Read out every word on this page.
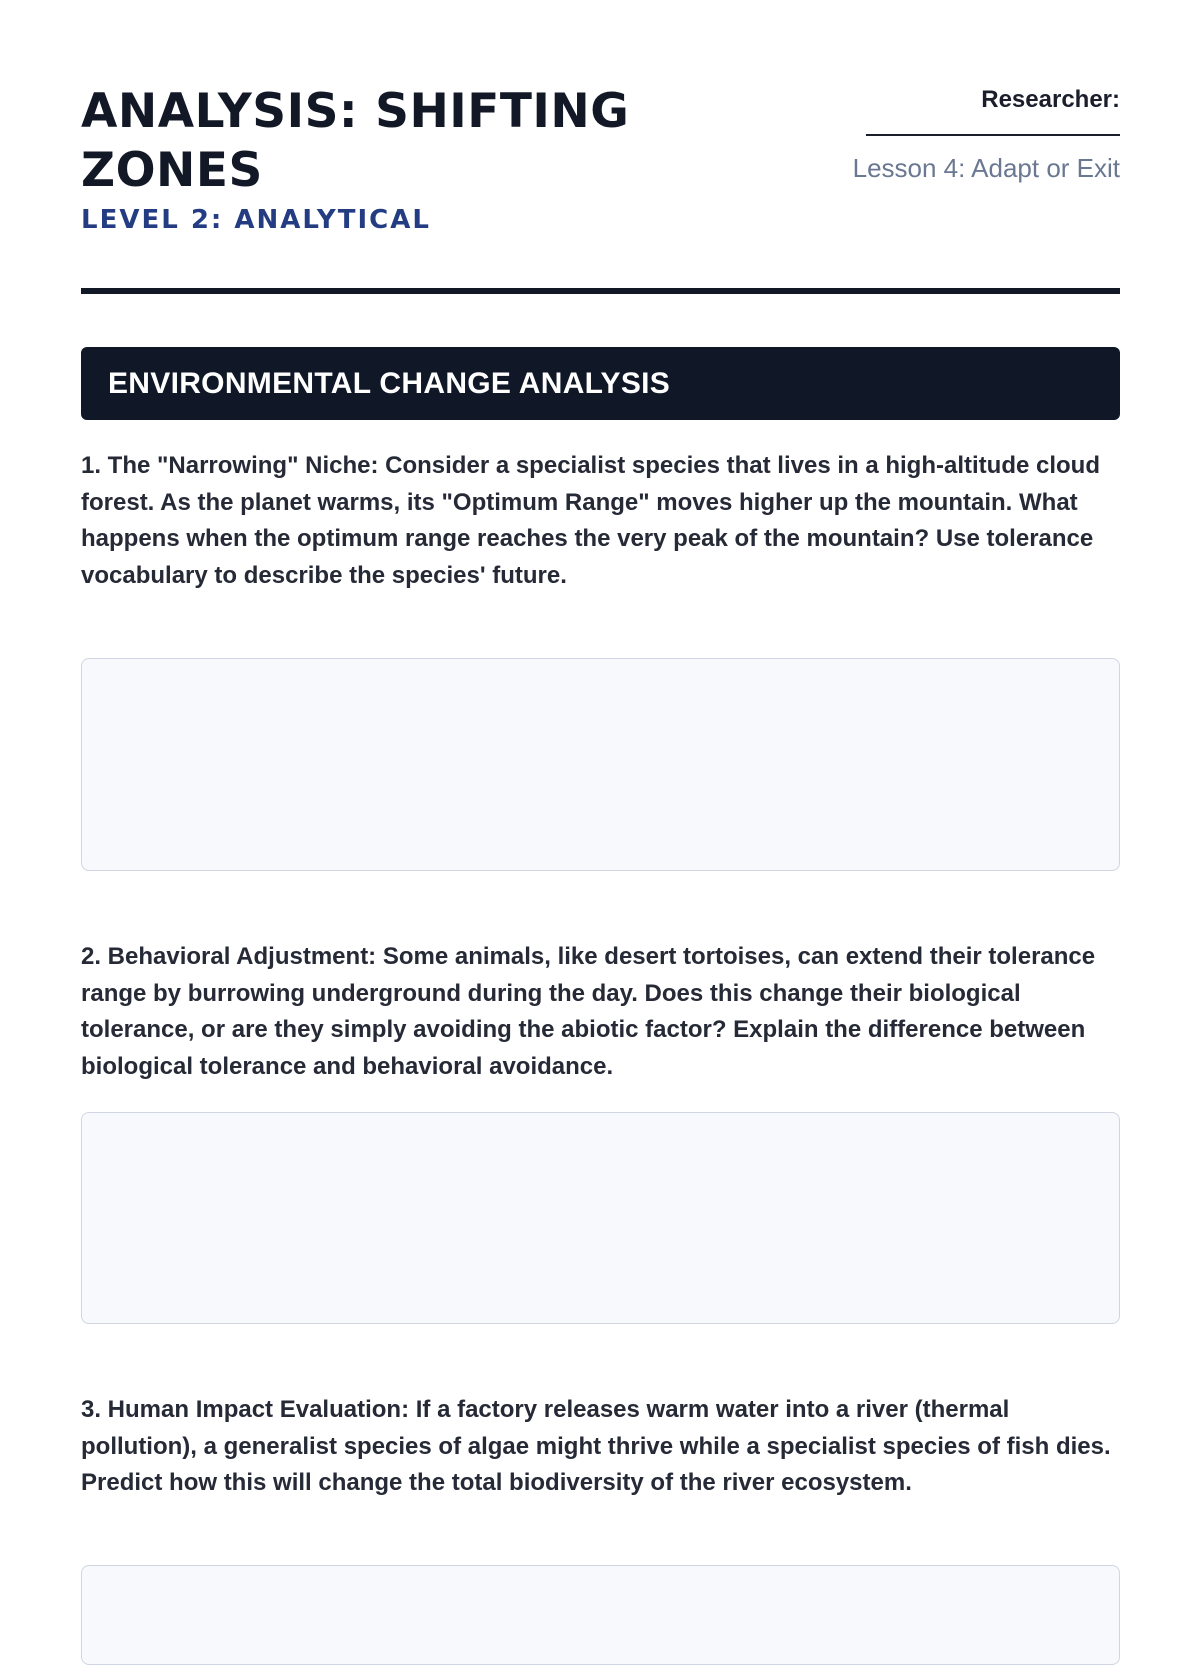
ANALYSIS: SHIFTING ZONES
LEVEL 2: ANALYTICAL
Researcher:
Lesson 4: Adapt or Exit
ENVIRONMENTAL CHANGE ANALYSIS
1. The "Narrowing" Niche: Consider a specialist species that lives in a high-altitude cloud forest. As the planet warms, its "Optimum Range" moves higher up the mountain. What happens when the optimum range reaches the very peak of the mountain? Use tolerance vocabulary to describe the species' future.
2. Behavioral Adjustment: Some animals, like desert tortoises, can extend their tolerance range by burrowing underground during the day. Does this change their biological tolerance, or are they simply avoiding the abiotic factor? Explain the difference between biological tolerance and behavioral avoidance.
3. Human Impact Evaluation: If a factory releases warm water into a river (thermal pollution), a generalist species of algae might thrive while a specialist species of fish dies. Predict how this will change the total biodiversity of the river ecosystem.
